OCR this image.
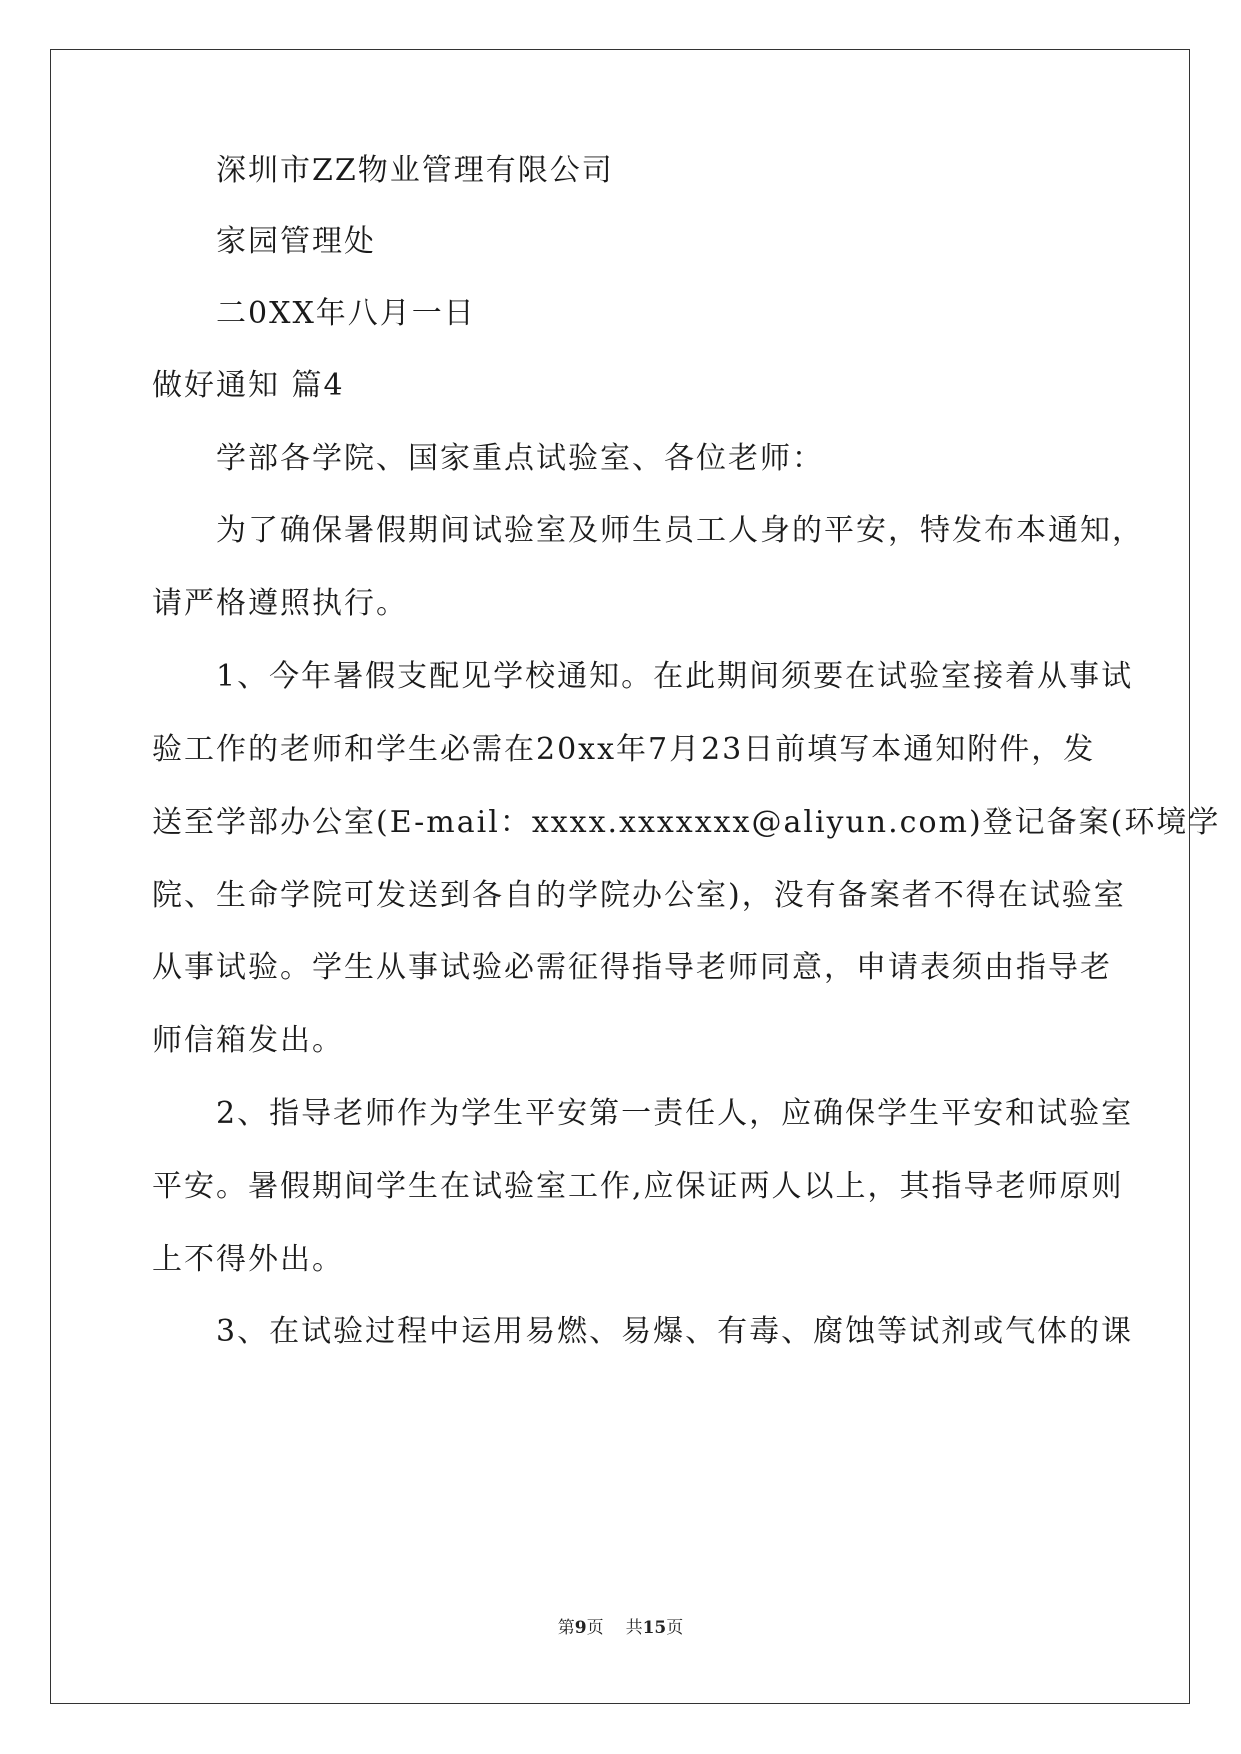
深圳市ZZ物业管理有限公司
家园管理处
二0XX年八月一日
做好通知 篇4
学部各学院、国家重点试验室、各位老师：
为了确保暑假期间试验室及师生员工人身的平安，特发布本通知，
请严格遵照执行。
1、今年暑假支配见学校通知。在此期间须要在试验室接着从事试
验工作的老师和学生必需在20xx年7月23日前填写本通知附件，发
送至学部办公室(E-mail：xxxx.xxxxxxx@aliyun.com)登记备案(环境学
院、生命学院可发送到各自的学院办公室)，没有备案者不得在试验室
从事试验。学生从事试验必需征得指导老师同意，申请表须由指导老
师信箱发出。
2、指导老师作为学生平安第一责任人，应确保学生平安和试验室
平安。暑假期间学生在试验室工作,应保证两人以上，其指导老师原则
上不得外出。
3、在试验过程中运用易燃、易爆、有毒、腐蚀等试剂或气体的课
第9页 共15页
